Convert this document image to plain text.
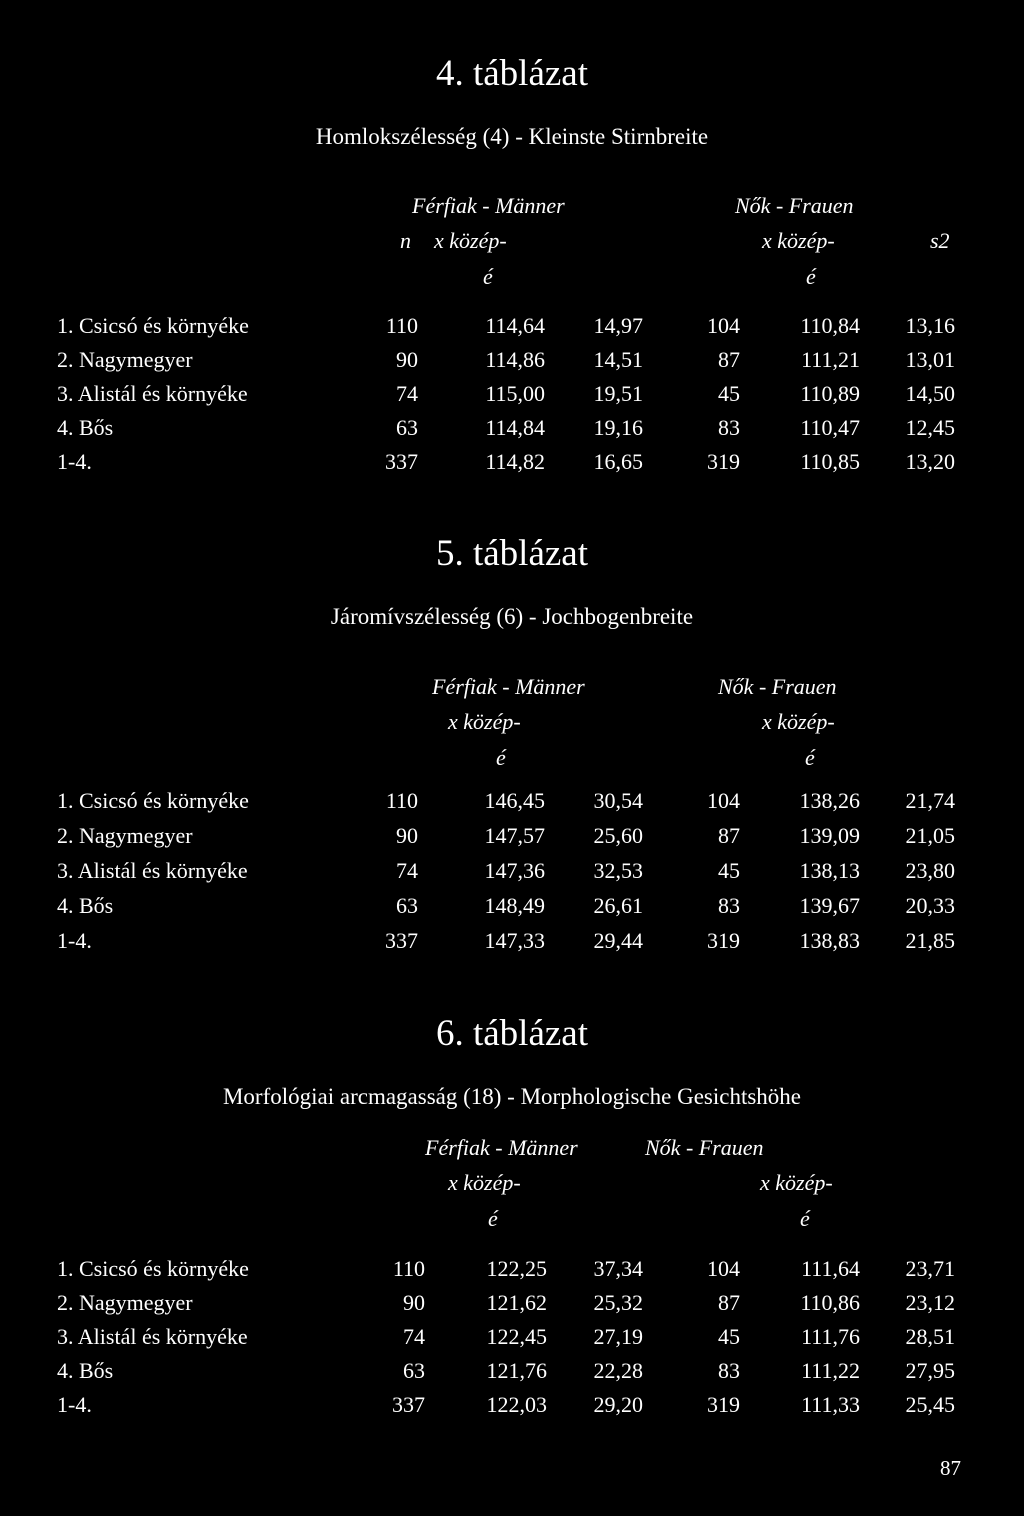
4. táblázat
Homlokszélesség (4) - Kleinste Stirnbreite
Férfiak - Männer	Nők - Frauen
n x közép-	x közép-	s2
é	é
1. Csicsó és környéke	110	114,64	14,97	104	110,84	13,16
2. Nagymegyer	90	114,86	14,51	87	111,21	13,01
3. Alistál és környéke	74	115,00	19,51	45	110,89	14,50
4. Bős	63	114,84	19,16	83	110,47	12,45
1-4.	337	114,82	16,65	319	110,85	13,20
5. táblázat
Járomívszélesség (6) - Jochbogenbreite
Férfiak - Männer	Nők - Frauen
x közép-	x közép-
é	é
1. Csicsó és környéke	110	146,45	30,54	104	138,26	21,74
2. Nagymegyer	90	147,57	25,60	87	139,09	21,05
3. Alistál és környéke	74	147,36	32,53	45	138,13	23,80
4. Bős	63	148,49	26,61	83	139,67	20,33
1-4.	337	147,33	29,44	319	138,83	21,85
6. táblázat
Morfológiai arcmagasság (18) - Morphologische Gesichtshöhe
Férfiak - Männer	Nők - Frauen
x közép-	x közép-
é	é
1. Csicsó és környéke	110	122,25	37,34	104	111,64	23,71
2. Nagymegyer	90	121,62	25,32	87	110,86	23,12
3. Alistál és környéke	74	122,45	27,19	45	111,76	28,51
4. Bős	63	121,76	22,28	83	111,22	27,95
1-4.	337	122,03	29,20	319	111,33	25,45
87
